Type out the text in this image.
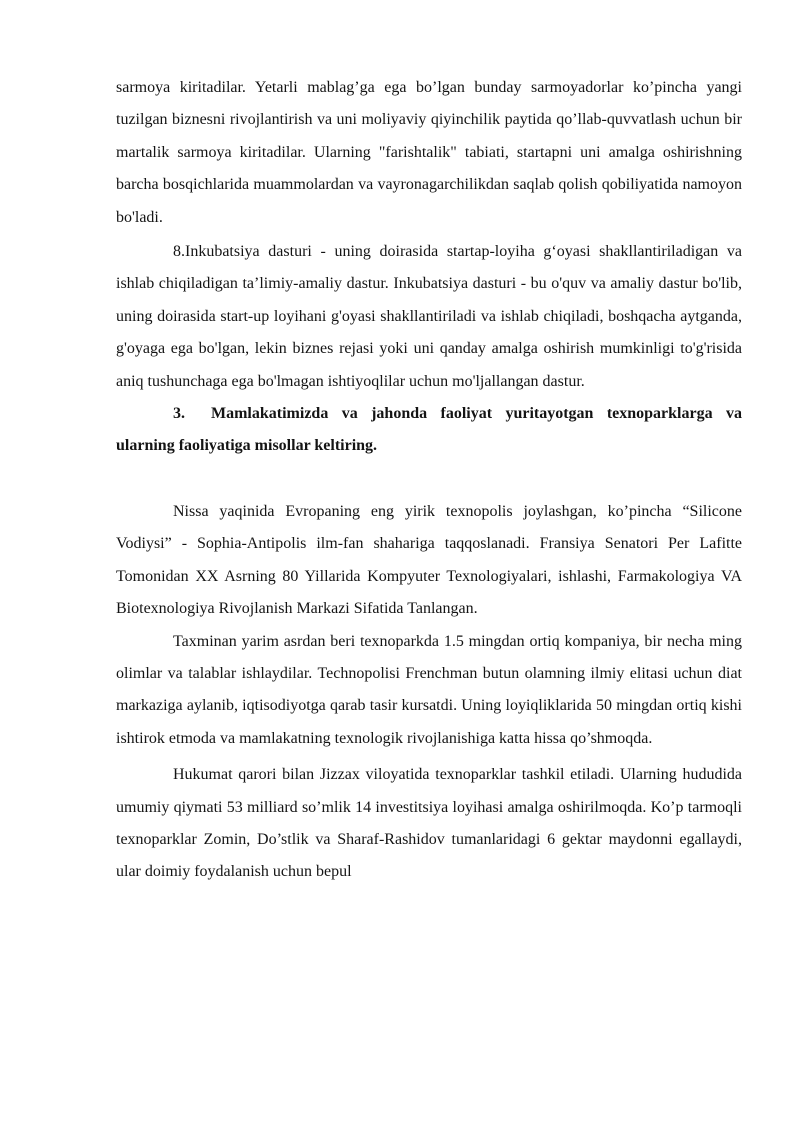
sarmoya kiritadilar. Yetarli mablag’ga ega bo’lgan bunday sarmoyadorlar ko’pincha yangi tuzilgan biznesni rivojlantirish va uni moliyaviy qiyinchilik paytida qo’llab-quvvatlash uchun bir martalik sarmoya kiritadilar. Ularning "farishtalik" tabiati, startapni uni amalga oshirishning barcha bosqichlarida muammolardan va vayronagarchilikdan saqlab qolish qobiliyatida namoyon bo'ladi.

8.Inkubatsiya dasturi - uning doirasida startap-loyiha g‘oyasi shakllantiriladigan va ishlab chiqiladigan ta’limiy-amaliy dastur. Inkubatsiya dasturi - bu o'quv va amaliy dastur bo'lib, uning doirasida start-up loyihani g'oyasi shakllantiriladi va ishlab chiqiladi, boshqacha aytganda, g'oyaga ega bo'lgan, lekin biznes rejasi yoki uni qanday amalga oshirish mumkinligi to'g'risida aniq tushunchaga ega bo'lmagan ishtiyoqlilar uchun mo'ljallangan dastur.

3. Mamlakatimizda va jahonda faoliyat yuritayotgan texnoparklarga va ularning faoliyatiga misollar keltiring.

Nissa yaqinida Evropaning eng yirik texnopolis joylashgan, ko’pincha “Silicone Vodiysi” - Sophia-Antipolis ilm-fan shahariga taqqoslanadi. Fransiya Senatori Per Lafitte Tomonidan XX Asrning 80 Yillarida Kompyuter Texnologiyalari, ishlashi, Farmakologiya VA Biotexnologiya Rivojlanish Markazi Sifatida Tanlangan.

Taxminan yarim asrdan beri texnoparkda 1.5 mingdan ortiq kompaniya, bir necha ming olimlar va talablar ishlaydilar. Technopolisi Frenchman butun olamning ilmiy elitasi uchun diat markaziga aylanib, iqtisodiyotga qarab tasir kursatdi. Uning loyiqliklarida 50 mingdan ortiq kishi ishtirok etmoda va mamlakatning texnologik rivojlanishiga katta hissa qo’shmoqda.

Hukumat qarori bilan Jizzax viloyatida texnoparklar tashkil etiladi. Ularning hududida umumiy qiymati 53 milliard so’mlik 14 investitsiya loyihasi amalga oshirilmoqda. Ko’p tarmoqli texnoparklar Zomin, Do’stlik va Sharaf-Rashidov tumanlaridagi 6 gektar maydonni egallaydi, ular doimiy foydalanish uchun bepul
